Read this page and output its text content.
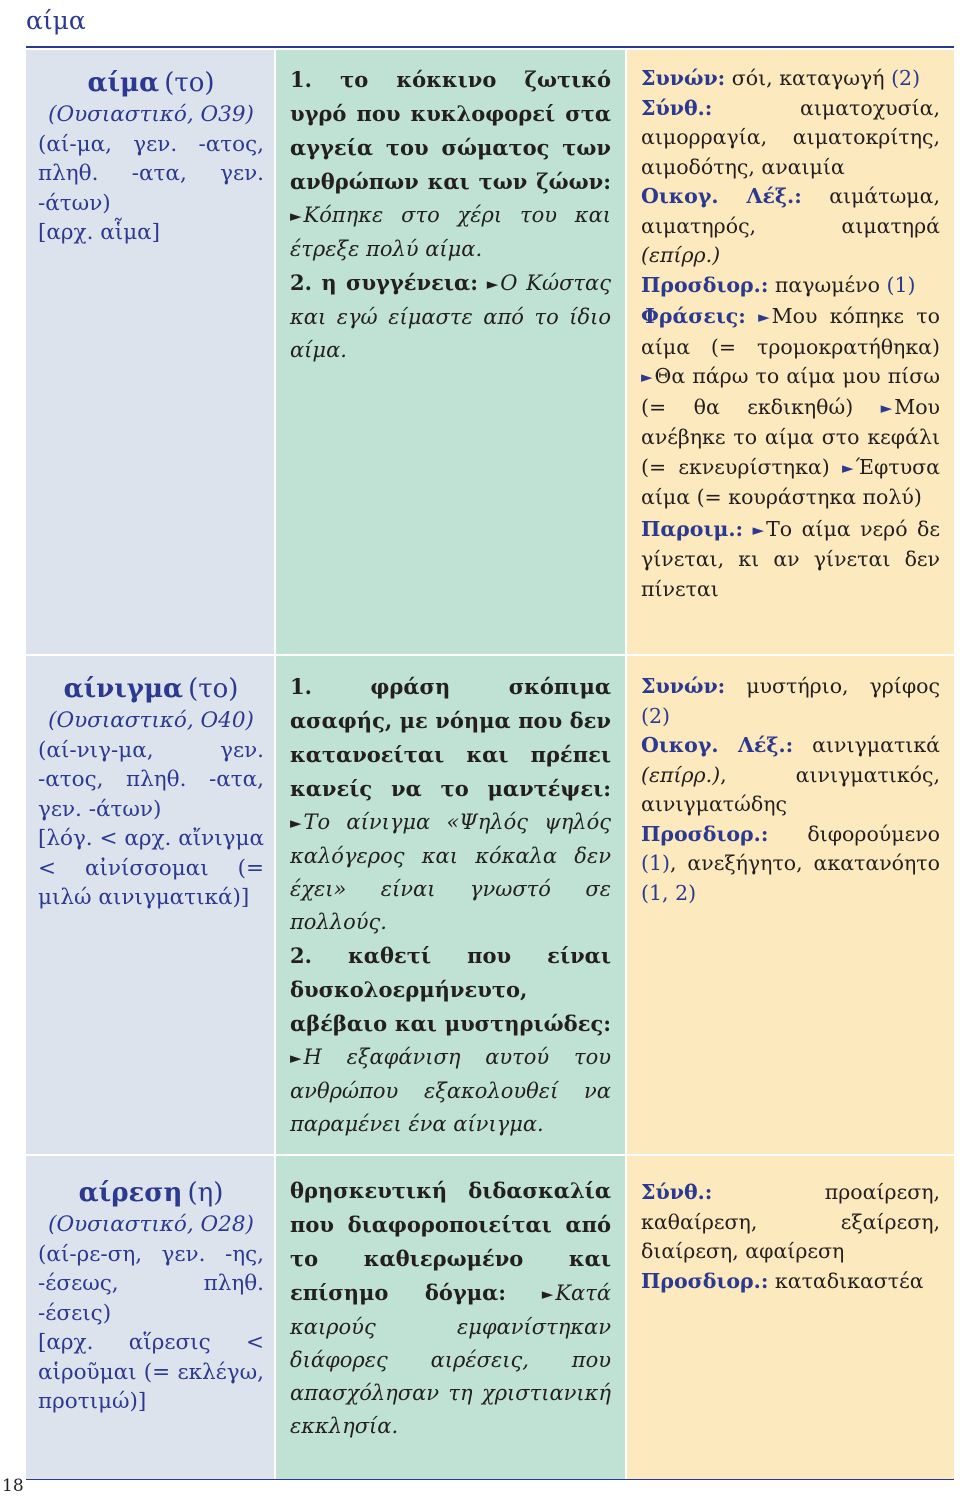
αίμα
αίμα (το)
(Ουσιαστικό, Ο39)
(αί-μα, γεν. -ατος, πληθ. -ατα, γεν. -άτων)
[αρχ. αἷμα]
1. το κόκκινο ζωτικό υγρό που κυκλοφορεί στα αγγεία του σώματος των ανθρώπων και των ζώων: ►Κόπηκε στο χέρι του και έτρεξε πολύ αίμα.
2. η συγγένεια: ►Ο Κώστας και εγώ είμαστε από το ίδιο αίμα.
Συνών: σόι, καταγωγή (2)
Σύνθ.: αιματοχυσία, αιμορραγία, αιματοκρίτης, αιμοδότης, αναιμία
Οικογ. Λέξ.: αιμάτωμα, αιματηρός, αιματηρά (επίρρ.)
Προσδιορ.: παγωμένο (1)
Φράσεις: ►Μου κόπηκε το αίμα (= τρομοκρατήθηκα) ►Θα πάρω το αίμα μου πίσω (= θα εκδικηθώ) ►Μου ανέβηκε το αίμα στο κεφάλι (= εκνευρίστηκα) ►Έφτυσα αίμα (= κουράστηκα πολύ)
Παροιμ.: ►Το αίμα νερό δε γίνεται, κι αν γίνεται δεν πίνεται
αίνιγμα (το)
(Ουσιαστικό, Ο40)
(αί-νιγ-μα, γεν. -ατος, πληθ. -ατα, γεν. -άτων)
[λόγ. < αρχ. αἴνιγμα < αἰνίσσομαι (= μιλώ αινιγματικά)]
1. φράση σκόπιμα ασαφής, με νόημα που δεν κατανοείται και πρέπει κανείς να το μαντέψει: ►Το αίνιγμα «Ψηλός ψηλός καλόγερος και κόκαλα δεν έχει» είναι γνωστό σε πολλούς.
2. καθετί που είναι δυσκολοερμήνευτο, αβέβαιο και μυστηριώδες: ►Η εξαφάνιση αυτού του ανθρώπου εξακολουθεί να παραμένει ένα αίνιγμα.
Συνών: μυστήριο, γρίφος (2)
Οικογ. Λέξ.: αινιγματικά (επίρρ.), αινιγματικός, αινιγματώδης
Προσδιορ.: διφορούμενο (1), ανεξήγητο, ακατανόητο (1, 2)
αίρεση (η)
(Ουσιαστικό, Ο28)
(αί-ρε-ση, γεν. -ης, -έσεως, πληθ. -έσεις)
[αρχ. αἵρεσις < αἱροῦμαι (= εκλέγω, προτιμώ)]
θρησκευτική διδασκαλία που διαφοροποιείται από το καθιερωμένο και επίσημο δόγμα: ►Κατά καιρούς εμφανίστηκαν διάφορες αιρέσεις, που απασχόλησαν τη χριστιανική εκκλησία.
Σύνθ.: προαίρεση, καθαίρεση, εξαίρεση, διαίρεση, αφαίρεση
Προσδιορ.: καταδικαστέα
18
